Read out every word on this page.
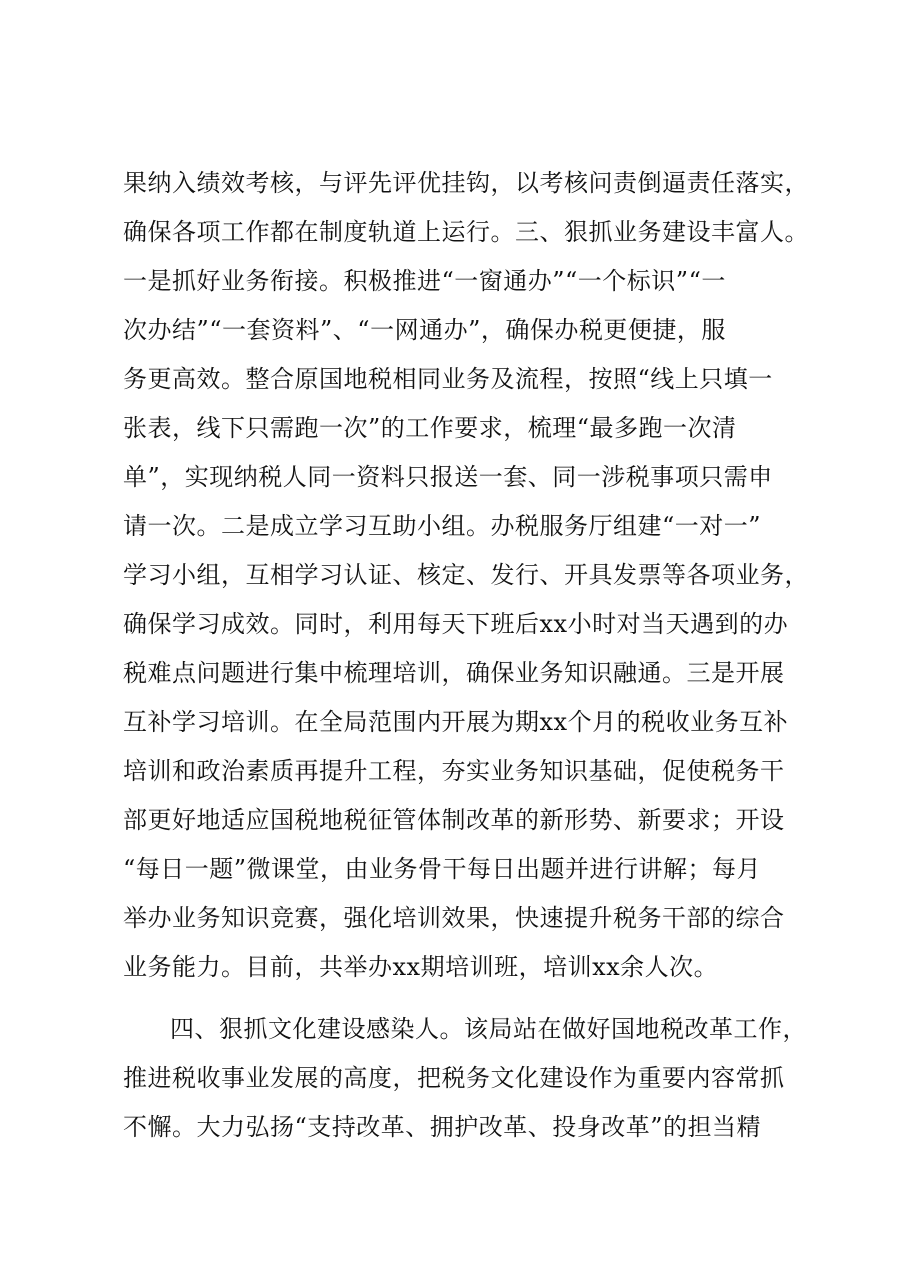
果纳入绩效考核，与评先评优挂钩，以考核问责倒逼责任落实，
确保各项工作都在制度轨道上运行。三、狠抓业务建设丰富人。
一是抓好业务衔接。积极推进“一窗通办”“一个标识”“一
次办结”“一套资料”、“一网通办”，确保办税更便捷，服
务更高效。整合原国地税相同业务及流程，按照“线上只填一
张表，线下只需跑一次”的工作要求，梳理“最多跑一次清
单”，实现纳税人同一资料只报送一套、同一涉税事项只需申
请一次。二是成立学习互助小组。办税服务厅组建“一对一”
学习小组，互相学习认证、核定、发行、开具发票等各项业务，
确保学习成效。同时，利用每天下班后xx小时对当天遇到的办
税难点问题进行集中梳理培训，确保业务知识融通。三是开展
互补学习培训。在全局范围内开展为期xx个月的税收业务互补
培训和政治素质再提升工程，夯实业务知识基础，促使税务干
部更好地适应国税地税征管体制改革的新形势、新要求；开设
“每日一题”微课堂，由业务骨干每日出题并进行讲解；每月
举办业务知识竞赛，强化培训效果，快速提升税务干部的综合
业务能力。目前，共举办xx期培训班，培训xx余人次。
四、狠抓文化建设感染人。该局站在做好国地税改革工作，
推进税收事业发展的高度，把税务文化建设作为重要内容常抓
不懈。大力弘扬“支持改革、拥护改革、投身改革”的担当精
